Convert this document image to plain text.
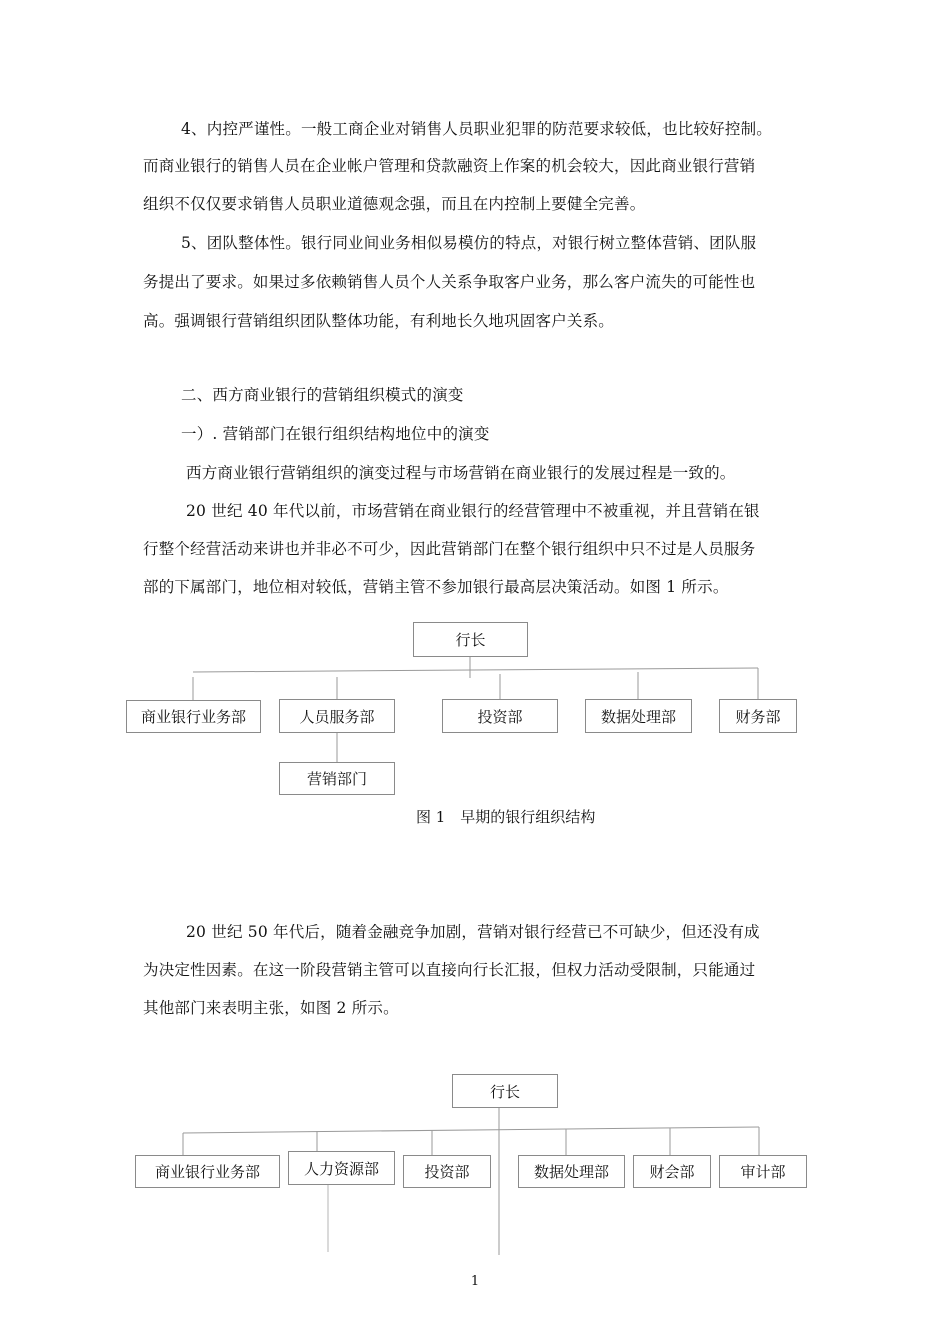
4、内控严谨性。一般工商企业对销售人员职业犯罪的防范要求较低，也比较好控制。
而商业银行的销售人员在企业帐户管理和贷款融资上作案的机会较大，因此商业银行营销
组织不仅仅要求销售人员职业道德观念强，而且在内控制上要健全完善。
5、团队整体性。银行同业间业务相似易模仿的特点，对银行树立整体营销、团队服
务提出了要求。如果过多依赖销售人员个人关系争取客户业务，那么客户流失的可能性也
高。强调银行营销组织团队整体功能，有利地长久地巩固客户关系。
二、西方商业银行的营销组织模式的演变
一）. 营销部门在银行组织结构地位中的演变
西方商业银行营销组织的演变过程与市场营销在商业银行的发展过程是一致的。
20 世纪 40 年代以前，市场营销在商业银行的经营管理中不被重视，并且营销在银
行整个经营活动来讲也并非必不可少，因此营销部门在整个银行组织中只不过是人员服务
部的下属部门，地位相对较低，营销主管不参加银行最高层决策活动。如图 1 所示。
行长
商业银行业务部	人员服务部	投资部	数据处理部	财务部
营销部门
图 1　早期的银行组织结构
20 世纪 50 年代后，随着金融竞争加剧，营销对银行经营已不可缺少，但还没有成
为决定性因素。在这一阶段营销主管可以直接向行长汇报，但权力活动受限制，只能通过
其他部门来表明主张，如图 2 所示。
行长
商业银行业务部	人力资源部	投资部	数据处理部	财会部	审计部
1
